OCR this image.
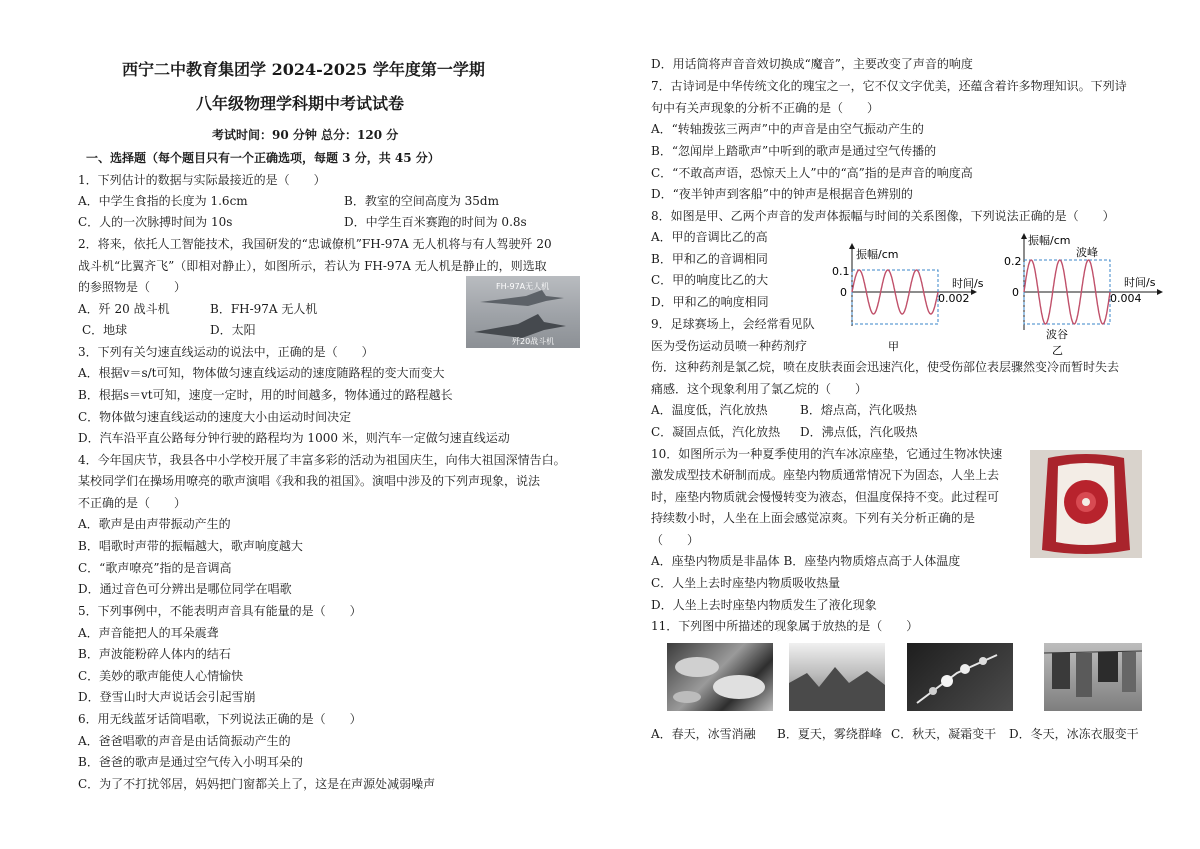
西宁二中教育集团学 2024-2025 学年度第一学期
八年级物理学科期中考试试卷
考试时间：90 分钟 总分：120 分
一、选择题（每个题目只有一个正确选项，每题 3 分，共 45 分）
1．下列估计的数据与实际最接近的是（　　）
A．中学生食指的长度为 1.6cm	B．教室的空间高度为 35dm
C．人的一次脉搏时间为 10s	D．中学生百米赛跑的时间为 0.8s
2．将来，依托人工智能技术，我国研发的“忠诚僚机”FH-97A 无人机将与有人驾驶歼 20
战斗机“比翼齐飞”（即相对静止），如图所示，若认为 FH-97A 无人机是静止的，则选取
的参照物是（　　）
A．歼 20 战斗机	B．FH-97A 无人机
C．地球	D．太阳
FH-97A无人机
歼20战斗机
3．下列有关匀速直线运动的说法中，正确的是（　　）
A．根据v＝s/t可知，物体做匀速直线运动的速度随路程的变大而变大
B．根据s＝vt可知，速度一定时，用的时间越多，物体通过的路程越长
C．物体做匀速直线运动的速度大小由运动时间决定
D．汽车沿平直公路每分钟行驶的路程均为 1000 米，则汽车一定做匀速直线运动
4．今年国庆节，我县各中小学校开展了丰富多彩的活动为祖国庆生，向伟大祖国深情告白。
某校同学们在操场用嘹亮的歌声演唱《我和我的祖国》。演唱中涉及的下列声现象，说法
不正确的是（　　）
A．歌声是由声带振动产生的
B．唱歌时声带的振幅越大，歌声响度越大
C．“歌声嘹亮”指的是音调高
D．通过音色可分辨出是哪位同学在唱歌
5．下列事例中，不能表明声音具有能量的是（　　）
A．声音能把人的耳朵震聋
B．声波能粉碎人体内的结石
C．美妙的歌声能使人心情愉快
D．登雪山时大声说话会引起雪崩
6．用无线蓝牙话筒唱歌，下列说法正确的是（　　）
A．爸爸唱歌的声音是由话筒振动产生的
B．爸爸的歌声是通过空气传入小明耳朵的
C．为了不打扰邻居，妈妈把门窗都关上了，这是在声源处减弱噪声
D．用话筒将声音音效切换成“魔音”，主要改变了声音的响度
7．古诗词是中华传统文化的瑰宝之一，它不仅文字优美，还蕴含着许多物理知识。下列诗
句中有关声现象的分析不正确的是（　　）
A．“转轴拨弦三两声”中的声音是由空气振动产生的
B．“忽闻岸上踏歌声”中听到的歌声是通过空气传播的
C．“不敢高声语，恐惊天上人”中的“高”指的是声音的响度高
D．“夜半钟声到客船”中的钟声是根据音色辨别的
8．如图是甲、乙两个声音的发声体振幅与时间的关系图像，下列说法正确的是（　　）
A．甲的音调比乙的高
B．甲和乙的音调相同
C．甲的响度比乙的大
D．甲和乙的响度相同
振幅/cm
时间/s
0.1
0	0.002
甲
振幅/cm
时间/s
0.2
0	0.004
波峰
波谷
乙
9．足球赛场上，会经常看见队
医为受伤运动员喷一种药剂疗
伤．这种药剂是氯乙烷，喷在皮肤表面会迅速汽化，使受伤部位表层骤然变冷而暂时失去
痛感．这个现象利用了氯乙烷的（　　）
A．温度低，汽化放热	B．熔点高，汽化吸热
C．凝固点低，汽化放热 D．沸点低，汽化吸热
10．如图所示为一种夏季使用的汽车冰凉座垫，它通过生物冰快速
激发成型技术研制而成。座垫内物质通常情况下为固态，人坐上去
时，座垫内物质就会慢慢转变为液态，但温度保持不变。此过程可
持续数小时，人坐在上面会感觉凉爽。下列有关分析正确的是
（　　）
A．座垫内物质是非晶体 B．座垫内物质熔点高于人体温度
C．人坐上去时座垫内物质吸收热量
D．人坐上去时座垫内物质发生了液化现象
11．下列图中所描述的现象属于放热的是（　　）
A．春天，冰雪消融 B．夏天，雾绕群峰 C．秋天，凝霜变干 D．冬天，冰冻衣服变干
